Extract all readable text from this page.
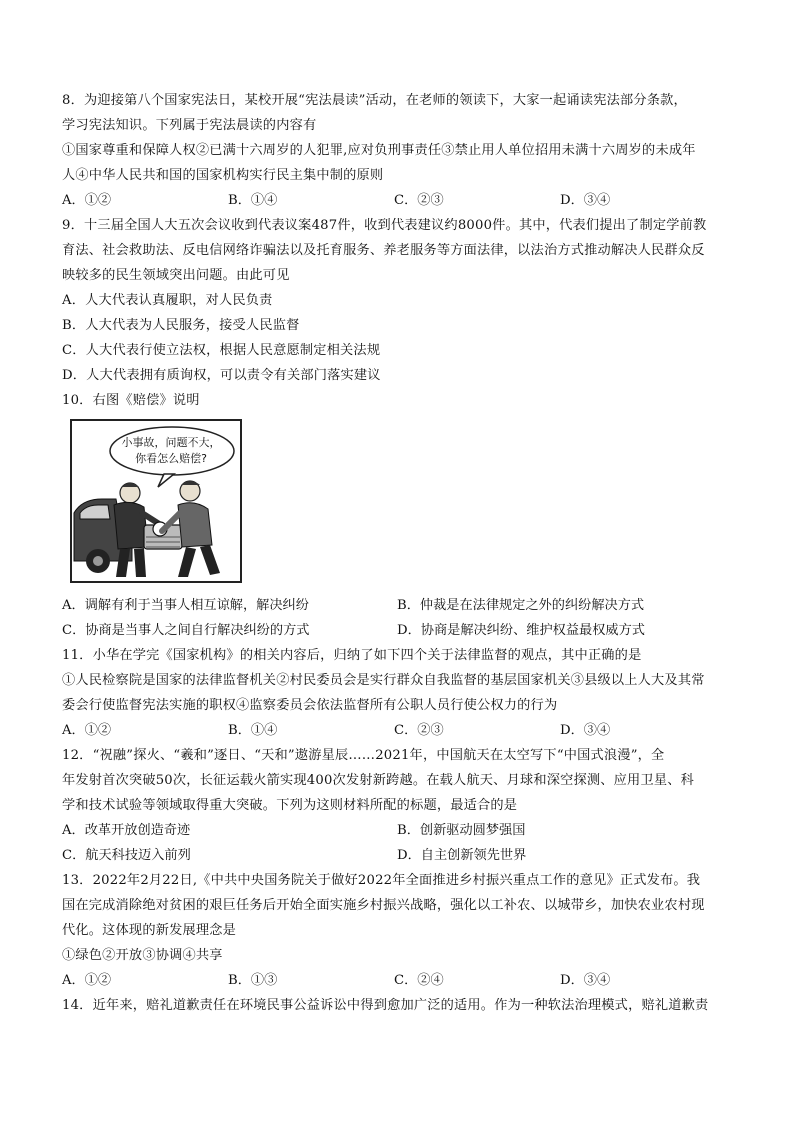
8．为迎接第八个国家宪法日，某校开展“宪法晨读”活动，在老师的领读下，大家一起诵读宪法部分条款，
学习宪法知识。下列属于宪法晨读的内容有
①国家尊重和保障人权②已满十六周岁的人犯罪,应对负刑事责任③禁止用人单位招用未满十六周岁的未成年
人④中华人民共和国的国家机构实行民主集中制的原则
A．①②	B．①④	C．②③	D．③④
9．十三届全国人大五次会议收到代表议案487件，收到代表建议约8000件。其中，代表们提出了制定学前教
育法、社会救助法、反电信网络诈骗法以及托育服务、养老服务等方面法律，以法治方式推动解决人民群众反
映较多的民生领域突出问题。由此可见
A．人大代表认真履职，对人民负责
B．人大代表为人民服务，接受人民监督
C．人大代表行使立法权，根据人民意愿制定相关法规
D．人大代表拥有质询权，可以责令有关部门落实建议
10．右图《赔偿》说明
小事故，问题不大，
你看怎么赔偿?
A．调解有利于当事人相互谅解，解决纠纷	B．仲裁是在法律规定之外的纠纷解决方式
C．协商是当事人之间自行解决纠纷的方式	D．协商是解决纠纷、维护权益最权威方式
11．小华在学完《国家机构》的相关内容后，归纳了如下四个关于法律监督的观点，其中正确的是
①人民检察院是国家的法律监督机关②村民委员会是实行群众自我监督的基层国家机关③县级以上人大及其常
委会行使监督宪法实施的职权④监察委员会依法监督所有公职人员行使公权力的行为
A．①②	B．①④	C．②③	D．③④
12．“祝融”探火、“羲和”逐日、“天和”遨游星辰……2021年，中国航天在太空写下“中国式浪漫”，全
年发射首次突破50次，长征运载火箭实现400次发射新跨越。在载人航天、月球和深空探测、应用卫星、科
学和技术试验等领域取得重大突破。下列为这则材料所配的标题，最适合的是
A．改革开放创造奇迹	B．创新驱动圆梦强国
C．航天科技迈入前列	D．自主创新领先世界
13．2022年2月22日,《中共中央国务院关于做好2022年全面推进乡村振兴重点工作的意见》正式发布。我
国在完成消除绝对贫困的艰巨任务后开始全面实施乡村振兴战略，强化以工补农、以城带乡，加快农业农村现
代化。这体现的新发展理念是
①绿色②开放③协调④共享
A．①②	B．①③	C．②④	D．③④
14．近年来，赔礼道歉责任在环境民事公益诉讼中得到愈加广泛的适用。作为一种软法治理模式，赔礼道歉责
